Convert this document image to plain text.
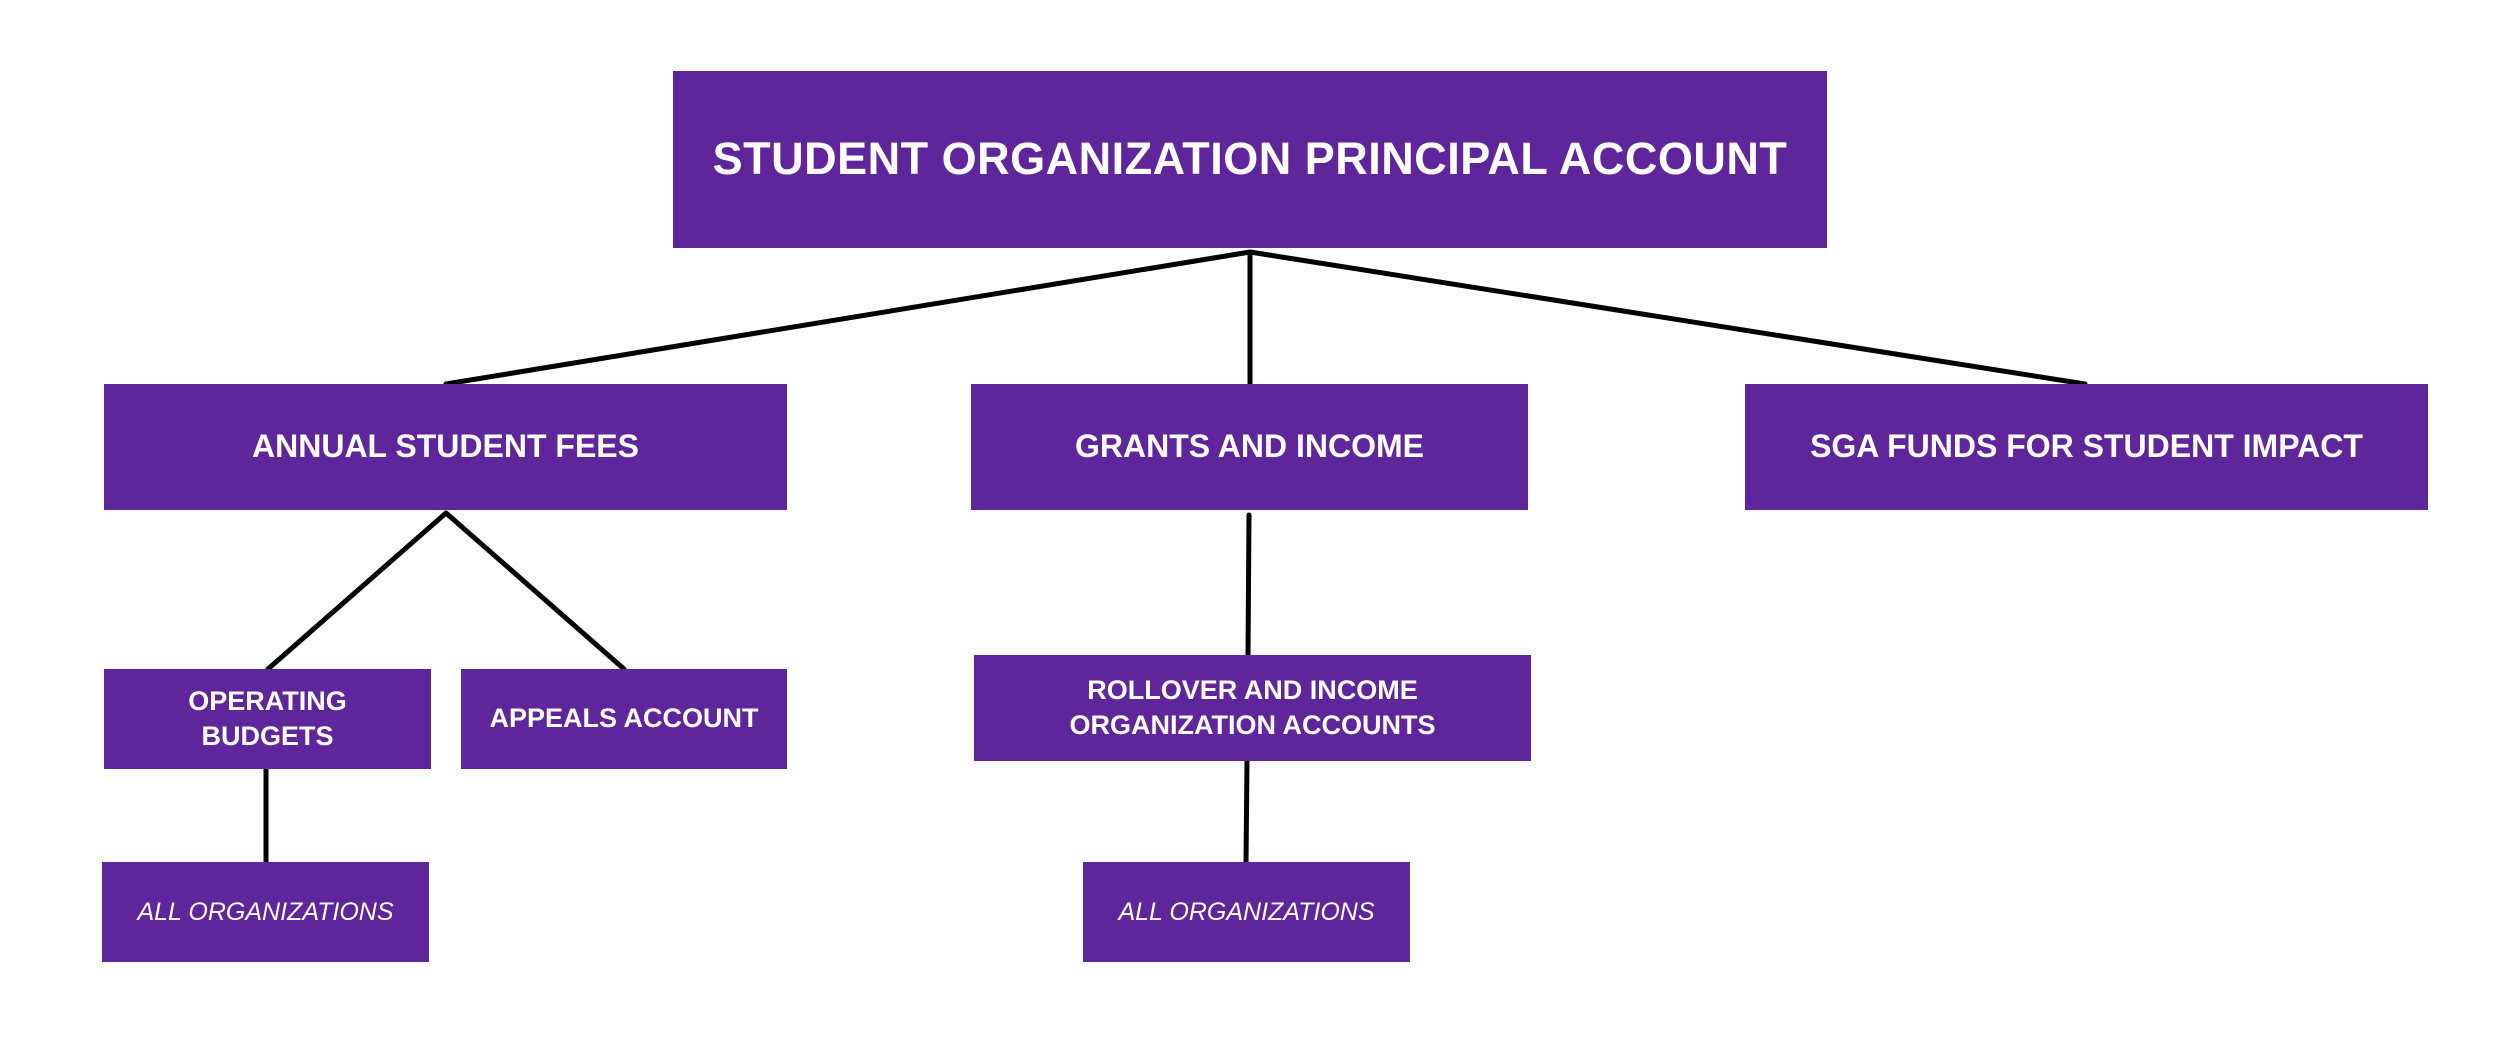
STUDENT ORGANIZATION PRINCIPAL ACCOUNT
ANNUAL STUDENT FEES	GRANTS AND INCOME	SGA FUNDS FOR STUDENT IMPACT
OPERATING BUDGETS
APPEALS ACCOUNT
ROLLOVER AND INCOME ORGANIZATION ACCOUNTS
ALL ORGANIZATIONS	ALL ORGANIZATIONS
